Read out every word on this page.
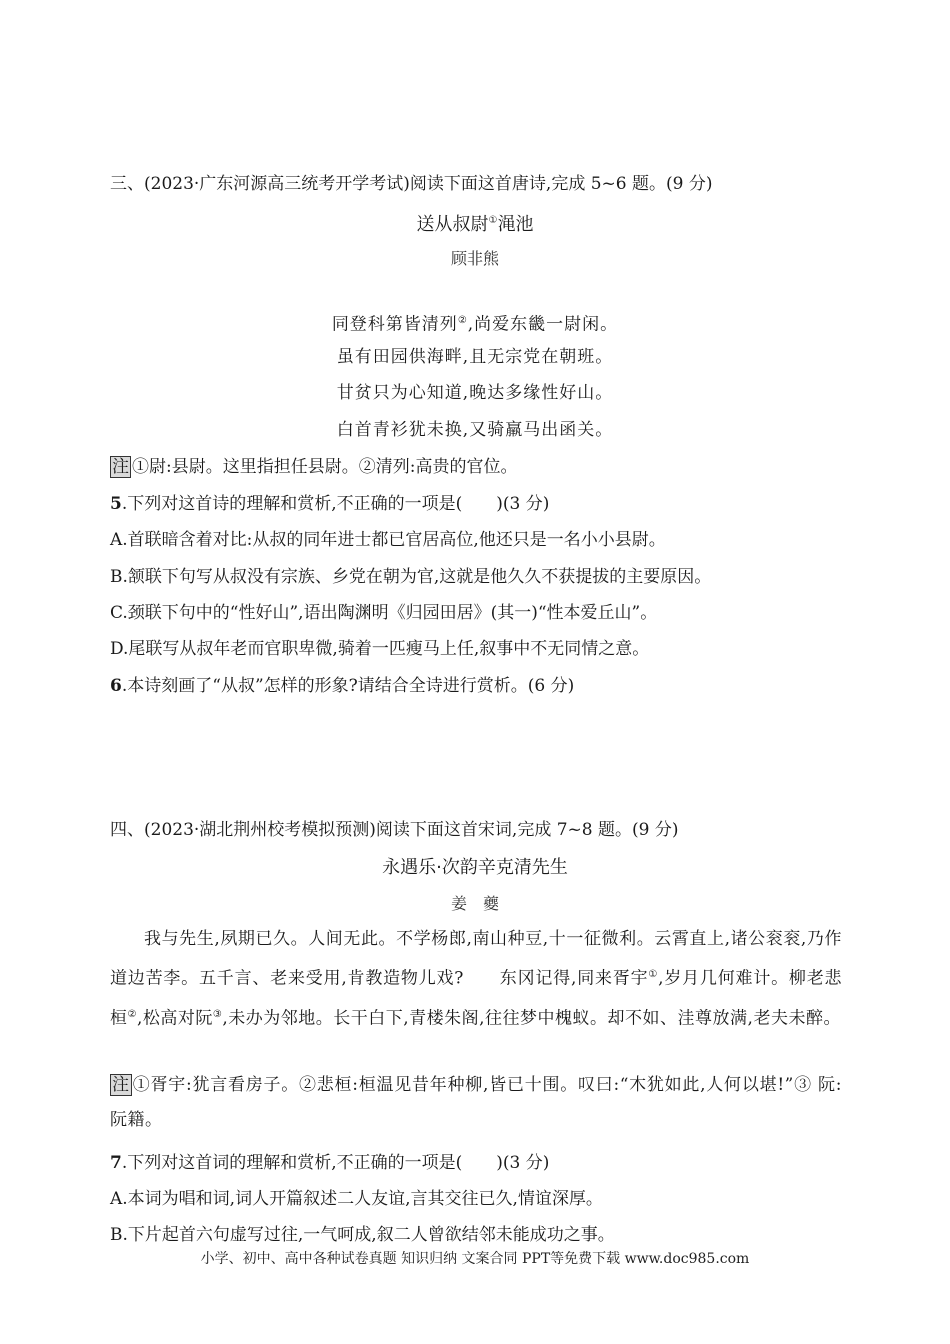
三、(2023·广东河源高三统考开学考试)阅读下面这首唐诗,完成 5~6 题。(9 分)
送从叔尉①渑池
顾非熊
同登科第皆清列②,尚爱东畿一尉闲。
虽有田园供海畔,且无宗党在朝班。
甘贫只为心知道,晚达多缘性好山。
白首青衫犹未换,又骑羸马出函关。
注 ①尉:县尉。这里指担任县尉。②清列:高贵的官位。
5.下列对这首诗的理解和赏析,不正确的一项是(　　)(3 分)
A.首联暗含着对比:从叔的同年进士都已官居高位,他还只是一名小小县尉。
B.颔联下句写从叔没有宗族、乡党在朝为官,这就是他久久不获提拔的主要原因。
C.颈联下句中的“性好山”,语出陶渊明《归园田居》(其一)“性本爱丘山”。
D.尾联写从叔年老而官职卑微,骑着一匹瘦马上任,叙事中不无同情之意。
6.本诗刻画了“从叔”怎样的形象?请结合全诗进行赏析。(6 分)
四、(2023·湖北荆州校考模拟预测)阅读下面这首宋词,完成 7~8 题。(9 分)
永遇乐·次韵辛克清先生
姜　夔
我与先生,夙期已久。人间无此。不学杨郎,南山种豆,十一征微利。云霄直上,诸公衮衮,乃作道边苦李。五千言、老来受用,肯教造物儿戏?　　东冈记得,同来胥宇①,岁月几何难计。柳老悲桓②,松高对阮③,未办为邻地。长干白下,青楼朱阁,往往梦中槐蚁。却不如、洼尊放满,老夫未醉。
注 ①胥宇:犹言看房子。②悲桓:桓温见昔年种柳,皆已十围。叹曰:“木犹如此,人何以堪!”③ 阮:阮籍。
7.下列对这首词的理解和赏析,不正确的一项是(　　)(3 分)
A.本词为唱和词,词人开篇叙述二人友谊,言其交往已久,情谊深厚。
B.下片起首六句虚写过往,一气呵成,叙二人曾欲结邻未能成功之事。
小学、初中、高中各种试卷真题 知识归纳 文案合同 PPT等免费下载 www.doc985.com
